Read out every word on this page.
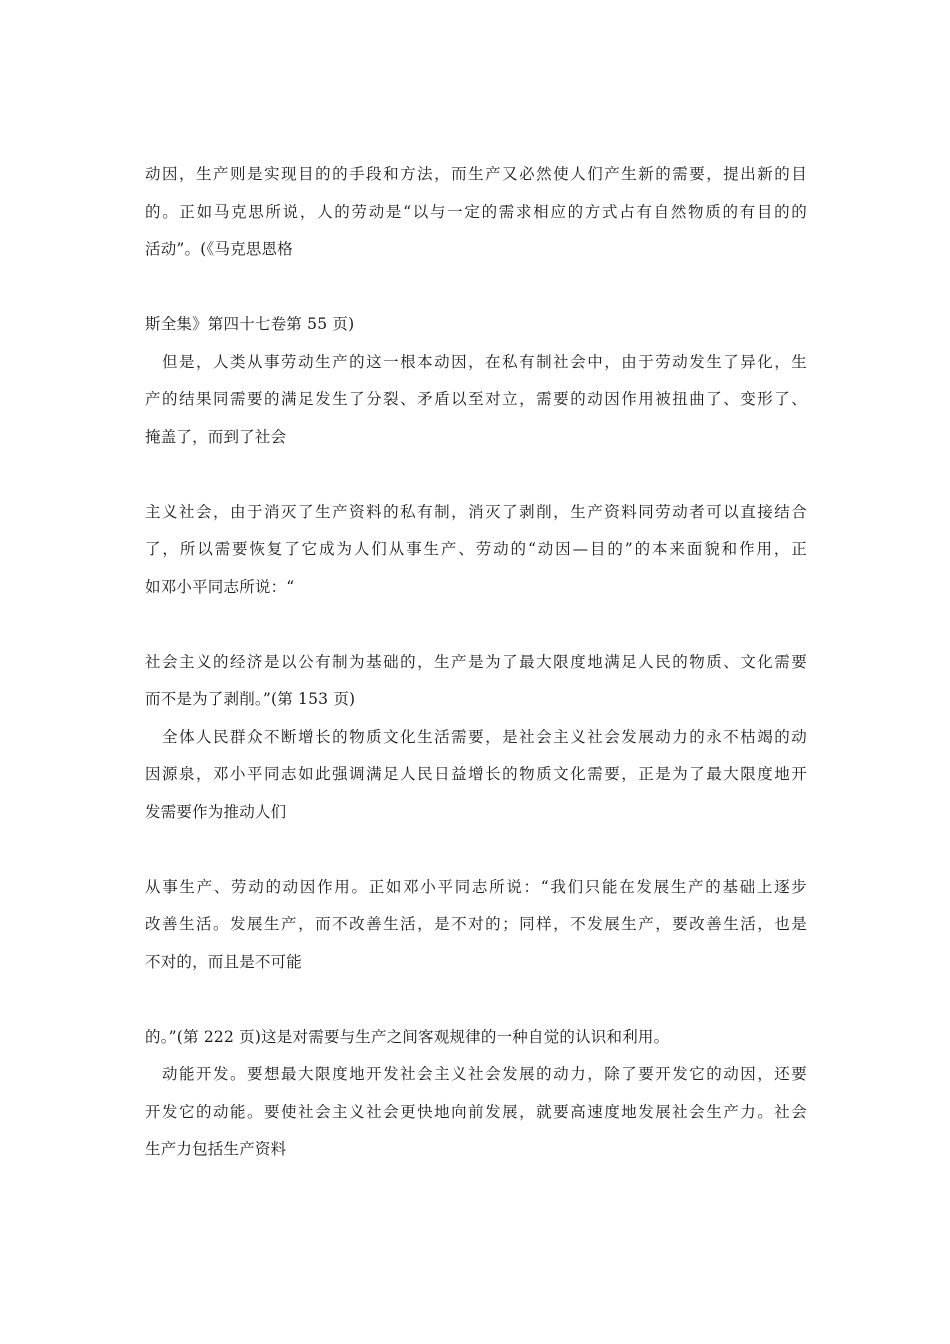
动因，生产则是实现目的的手段和方法，而生产又必然使人们产生新的需要，提出新的目
的。正如马克思所说，人的劳动是“以与一定的需求相应的方式占有自然物质的有目的的
活动”。(《马克思恩格
斯全集》第四十七卷第 55 页)
但是，人类从事劳动生产的这一根本动因，在私有制社会中，由于劳动发生了异化，生
产的结果同需要的满足发生了分裂、矛盾以至对立，需要的动因作用被扭曲了、变形了、
掩盖了，而到了社会
主义社会，由于消灭了生产资料的私有制，消灭了剥削，生产资料同劳动者可以直接结合
了，所以需要恢复了它成为人们从事生产、劳动的“动因—目的”的本来面貌和作用，正
如邓小平同志所说：“
社会主义的经济是以公有制为基础的，生产是为了最大限度地满足人民的物质、文化需要
而不是为了剥削。”(第 153 页)
全体人民群众不断增长的物质文化生活需要，是社会主义社会发展动力的永不枯竭的动
因源泉，邓小平同志如此强调满足人民日益增长的物质文化需要，正是为了最大限度地开
发需要作为推动人们
从事生产、劳动的动因作用。正如邓小平同志所说：“我们只能在发展生产的基础上逐步
改善生活。发展生产，而不改善生活，是不对的；同样，不发展生产，要改善生活，也是
不对的，而且是不可能
的。”(第 222 页)这是对需要与生产之间客观规律的一种自觉的认识和利用。
动能开发。要想最大限度地开发社会主义社会发展的动力，除了要开发它的动因，还要
开发它的动能。要使社会主义社会更快地向前发展，就要高速度地发展社会生产力。社会
生产力包括生产资料
